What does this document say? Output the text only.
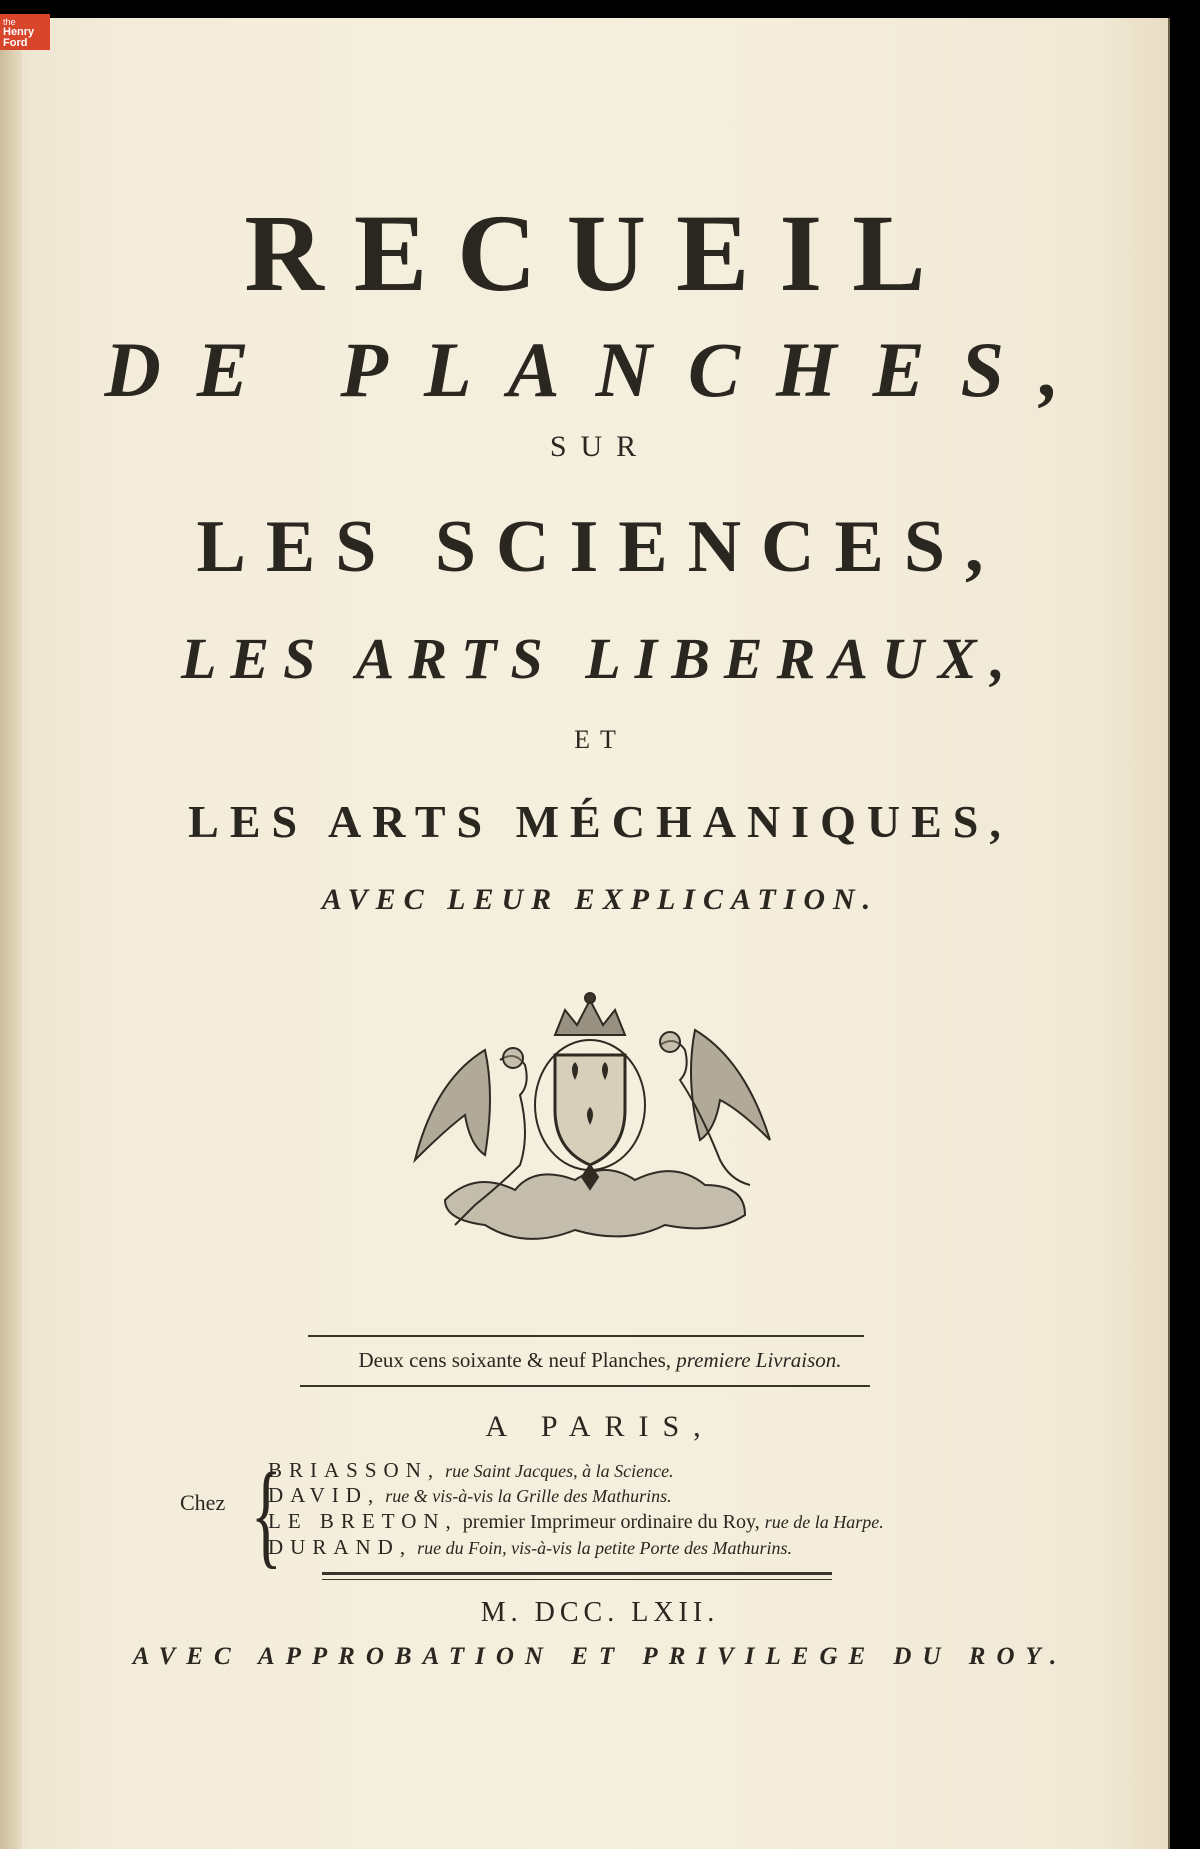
the
Henry
Ford
RECUEIL
DE PLANCHES,
SUR
LES SCIENCES,
LES ARTS LIBERAUX,
ET
LES ARTS MÉCHANIQUES,
AVEC LEUR EXPLICATION.
Deux cens soixante & neuf Planches, premiere Livraison.
A PARIS,
Chez {
BRIASSON, rue Saint Jacques, à la Science.
DAVID, rue & vis-à-vis la Grille des Mathurins.
LE BRETON, premier Imprimeur ordinaire du Roy, rue de la Harpe.
DURAND, rue du Foin, vis-à-vis la petite Porte des Mathurins.
M. DCC. LXII.
AVEC APPROBATION ET PRIVILEGE DU ROY.
